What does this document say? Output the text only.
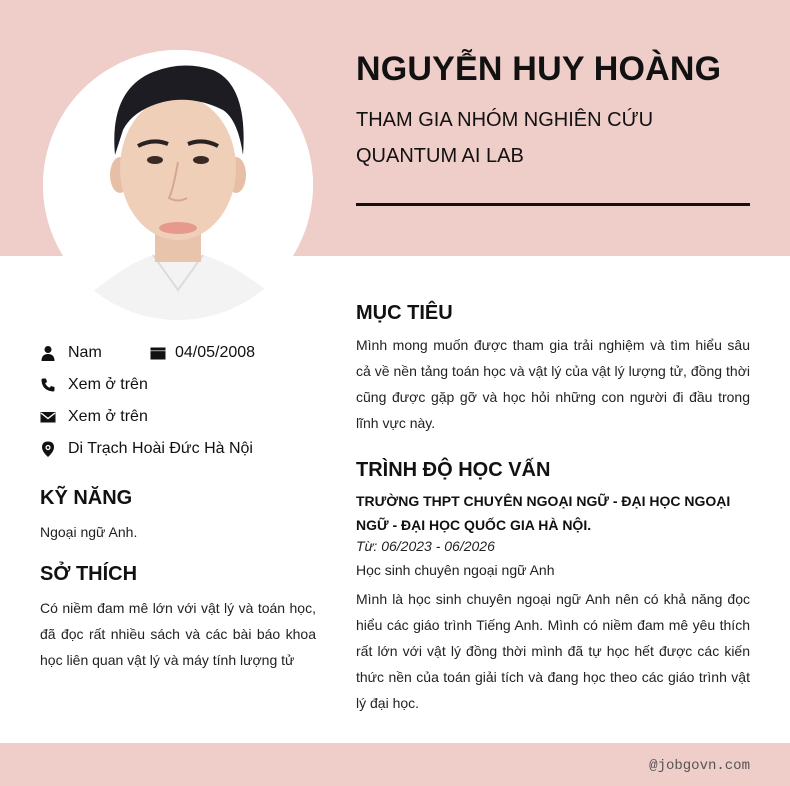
NGUYỄN HUY HOÀNG
THAM GIA NHÓM NGHIÊN CỨU QUANTUM AI LAB
Nam	04/05/2008
Xem ở trên
Xem ở trên
Di Trạch Hoài Đức Hà Nội
KỸ NĂNG
Ngoại ngữ Anh.
SỞ THÍCH
Có niềm đam mê lớn với vật lý và toán học, đã đọc rất nhiều sách và các bài báo khoa học liên quan vật lý và máy tính lượng tử
MỤC TIÊU
Mình mong muốn được tham gia trải nghiệm và tìm hiểu sâu cả về nền tảng toán học và vật lý của vật lý lượng tử, đồng thời cũng được gặp gỡ và học hỏi những con người đi đầu trong lĩnh vực này.
TRÌNH ĐỘ HỌC VẤN
TRƯỜNG THPT CHUYÊN NGOẠI NGỮ - ĐẠI HỌC NGOẠI NGỮ - ĐẠI HỌC QUỐC GIA HÀ NỘI.
Từ: 06/2023 - 06/2026
Học sinh chuyên ngoại ngữ Anh
Mình là học sinh chuyên ngoại ngữ Anh nên có khả năng đọc hiểu các giáo trình Tiếng Anh. Mình có niềm đam mê yêu thích rất lớn với vật lý đồng thời mình đã tự học hết được các kiến thức nền của toán giải tích và đang học theo các giáo trình vật lý đại học.
@jobgovn.com
